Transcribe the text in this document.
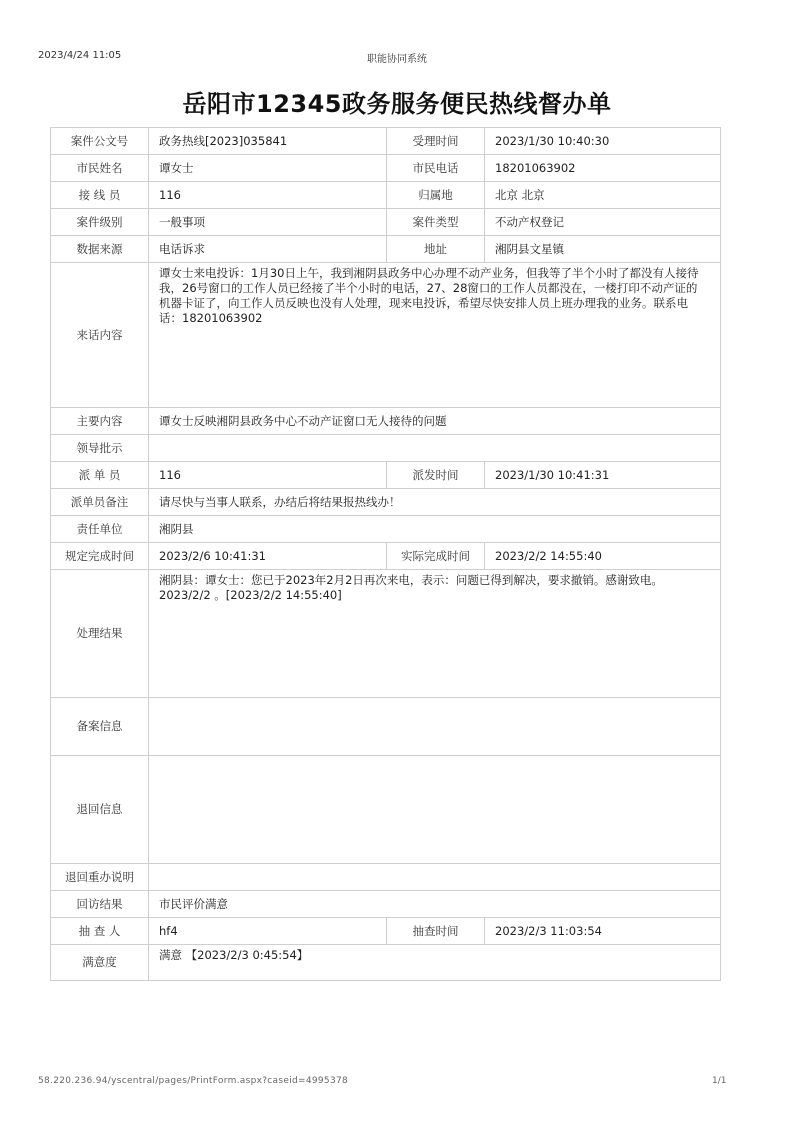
2023/4/24 11:05	职能协同系统
岳阳市12345政务服务便民热线督办单
案件公文号	政务热线[2023]035841	受理时间	2023/1/30 10:40:30
市民姓名	谭女士	市民电话	18201063902
接 线 员	116	归属地	北京 北京
案件级别	一般事项	案件类型	不动产权登记
数据来源	电话诉求	地址	湘阴县文星镇
来话内容	谭女士来电投诉：1月30日上午，我到湘阴县政务中心办理不动产业务，但我等了半个小时了都没有人接待我，26号窗口的工作人员已经接了半个小时的电话，27、28窗口的工作人员都没在，一楼打印不动产证的机器卡证了，向工作人员反映也没有人处理，现来电投诉，希望尽快安排人员上班办理我的业务。联系电话：18201063902		
主要内容	谭女士反映湘阴县政务中心不动产证窗口无人接待的问题		
领导批示			
派 单 员	116	派发时间	2023/1/30 10:41:31
派单员备注	请尽快与当事人联系，办结后将结果报热线办！		
责任单位	湘阴县		
规定完成时间	2023/2/6 10:41:31	实际完成时间	2023/2/2 14:55:40
处理结果	湘阴县：谭女士：您已于2023年2月2日再次来电，表示：问题已得到解决，要求撤销。感谢致电。2023/2/2 。[2023/2/2 14:55:40]		
备案信息			
退回信息			
退回重办说明			
回访结果	市民评价满意		
抽 查 人	hf4	抽查时间	2023/2/3 11:03:54
满意度	满意 【2023/2/3 0:45:54】		
58.220.236.94/yscentral/pages/PrintForm.aspx?caseid=4995378	1/1
